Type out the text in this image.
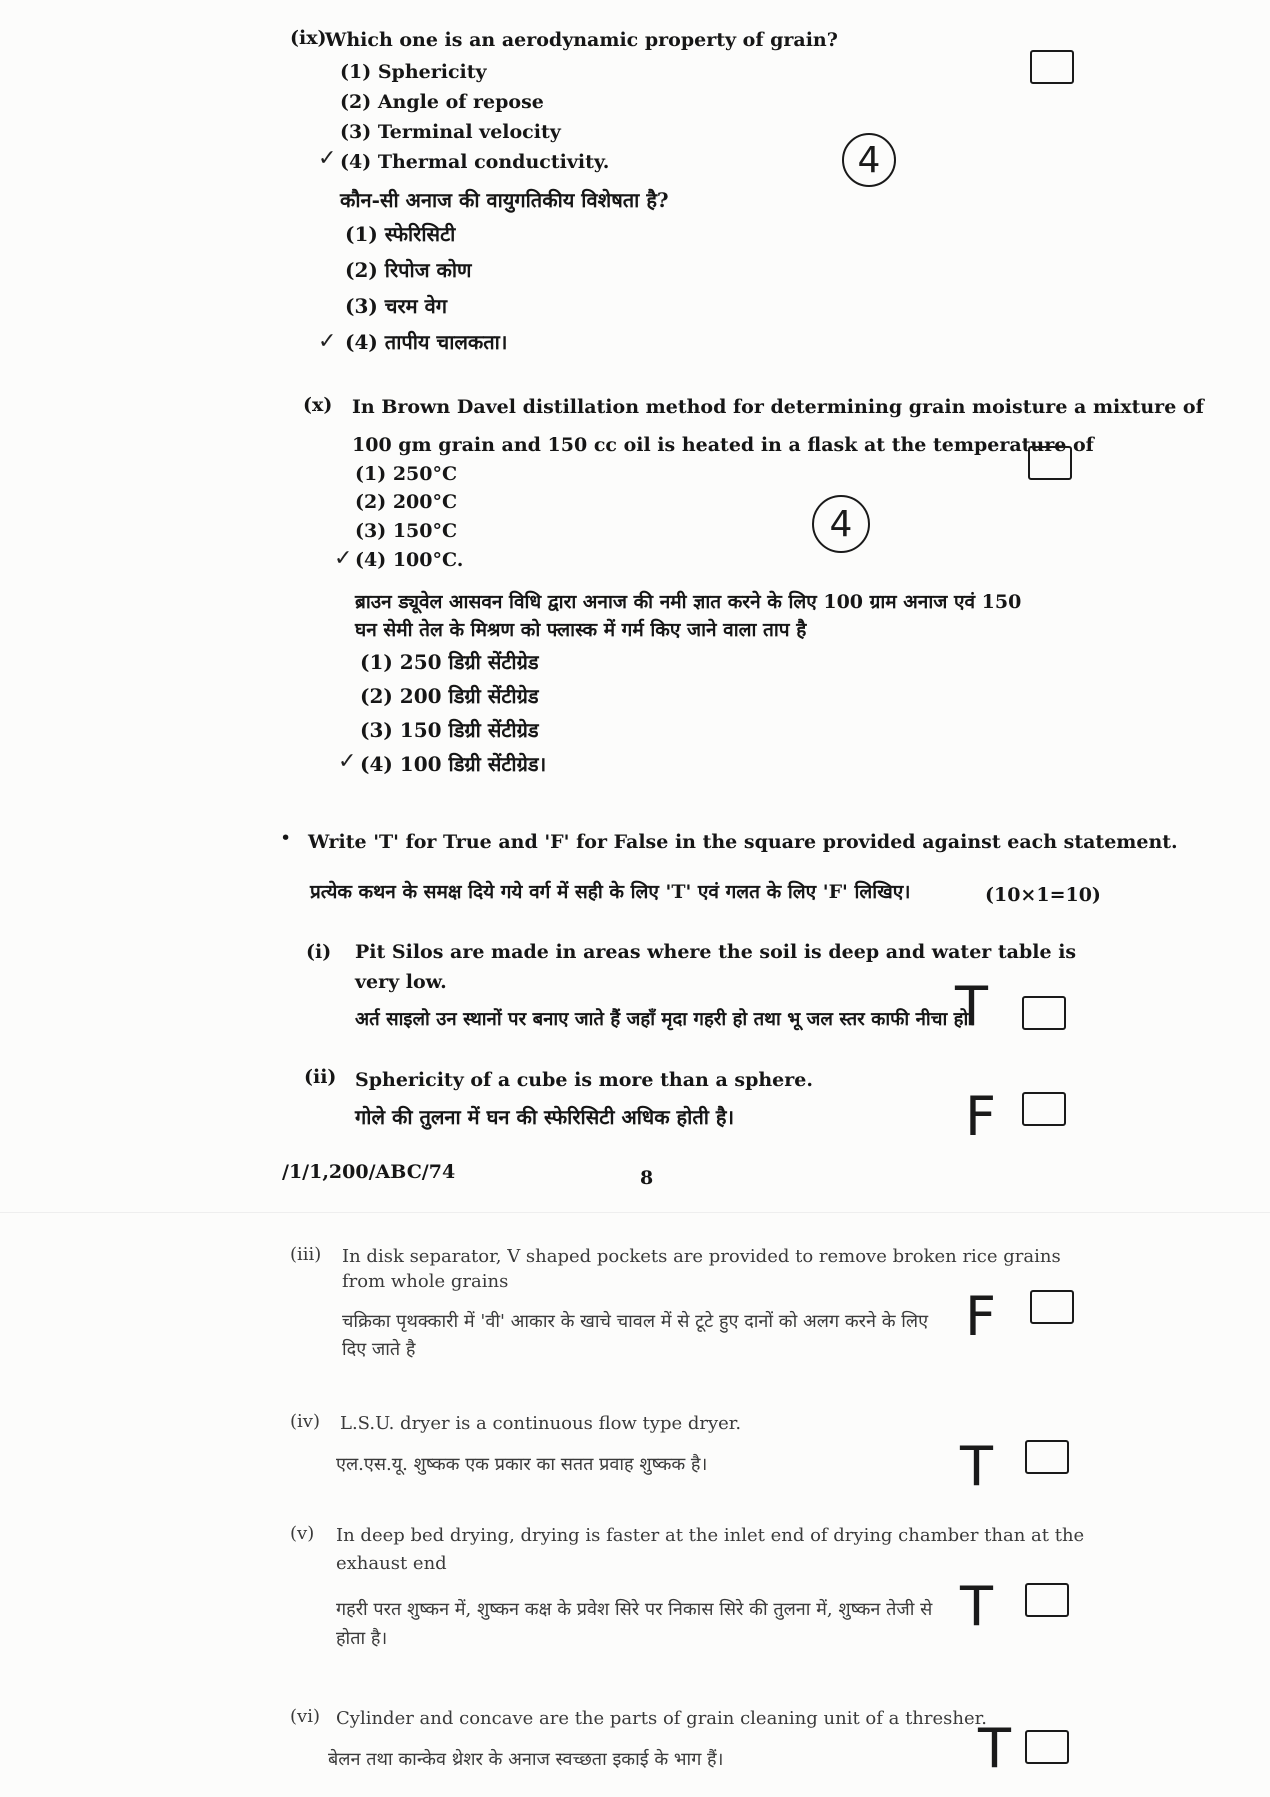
(ix)
Which one is an aerodynamic property of grain?
(1) Sphericity
(2) Angle of repose
(3) Terminal velocity
✓ (4) Thermal conductivity.	4
कौन-सी अनाज की वायुगतिकीय विशेषता है?
(1) स्फेरिसिटी
(2) रिपोज कोण
(3) चरम वेग
✓ (4) तापीय चालकता।
(x) In Brown Davel distillation method for determining grain moisture a mixture of
100 gm grain and 150 cc oil is heated in a flask at the temperature of
(1) 250°C
(2) 200°C
(3) 150°C	4
✓ (4) 100°C.
ब्राउन ड्यूवेल आसवन विधि द्वारा अनाज की नमी ज्ञात करने के लिए 100 ग्राम अनाज एवं 150
घन सेमी तेल के मिश्रण को फ्लास्क में गर्म किए जाने वाला ताप है
(1) 250 डिग्री सेंटीग्रेड
(2) 200 डिग्री सेंटीग्रेड
(3) 150 डिग्री सेंटीग्रेड
✓ (4) 100 डिग्री सेंटीग्रेड।
• Write 'T' for True and 'F' for False in the square provided against each statement.
(10×1=10)
प्रत्येक कथन के समक्ष दिये गये वर्ग में सही के लिए 'T' एवं गलत के लिए 'F' लिखिए।
(i) Pit Silos are made in areas where the soil is deep and water table is
very low.
अर्त साइलो उन स्थानों पर बनाए जाते हैं जहाँ मृदा गहरी हो तथा भू जल स्तर काफी नीचा हो।
T
(ii) Sphericity of a cube is more than a sphere.
गोले की तुलना में घन की स्फेरिसिटी अधिक होती है।	F
/1/1,200/ABC/74	8
(iii) In disk separator, V shaped pockets are provided to remove broken rice grains
from whole grains
चक्रिका पृथक्कारी में 'वी' आकार के खाचे चावल में से टूटे हुए दानों को अलग करने के लिए
दिए जाते है
F
(iv) L.S.U. dryer is a continuous flow type dryer.
एल.एस.यू. शुष्कक एक प्रकार का सतत प्रवाह शुष्कक है।	T
(v) In deep bed drying, drying is faster at the inlet end of drying chamber than at the
exhaust end
गहरी परत शुष्कन में, शुष्कन कक्ष के प्रवेश सिरे पर निकास सिरे की तुलना में, शुष्कन तेजी से
होता है।
T
(vi) Cylinder and concave are the parts of grain cleaning unit of a thresher.
बेलन तथा कान्केव थ्रेशर के अनाज स्वच्छता इकाई के भाग हैं।	T
